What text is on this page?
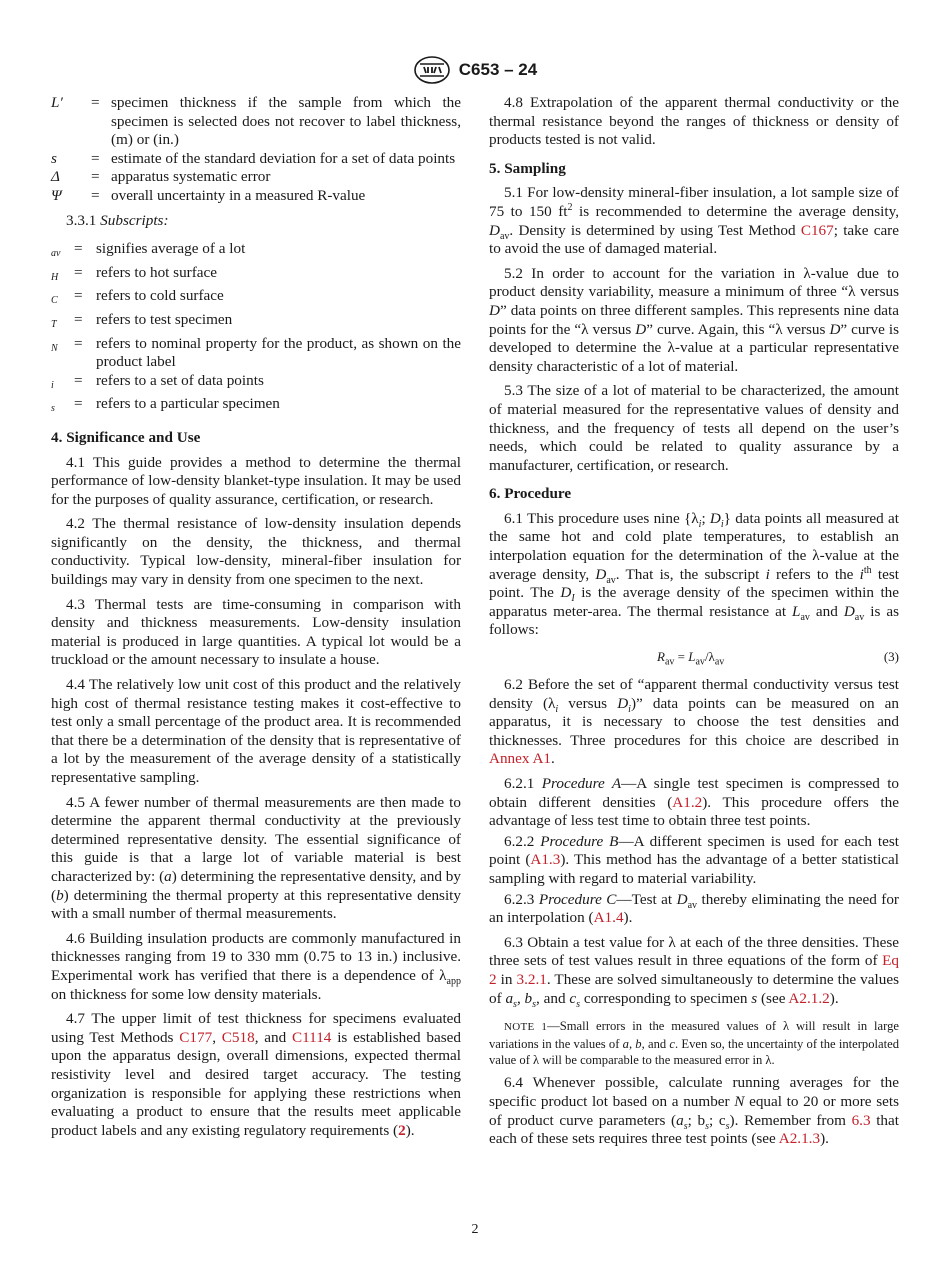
C653 – 24
L′	= specimen thickness if the sample from which the specimen is selected does not recover to label thickness, (m) or (in.)
s	= estimate of the standard deviation for a set of data points
Δ	= apparatus systematic error
Ψ	= overall uncertainty in a measured R-value

3.3.1 Subscripts:

av = signifies average of a lot
H	= refers to hot surface
C	= refers to cold surface
T	= refers to test specimen
N	= refers to nominal property for the product, as shown on the product label
i	= refers to a set of data points
s	= refers to a particular specimen
4. Significance and Use

4.1 This guide provides a method to determine the thermal performance of low-density blanket-type insulation. It may be used for the purposes of quality assurance, certification, or research.

4.2 The thermal resistance of low-density insulation depends significantly on the density, the thickness, and thermal conductivity. Typical low-density, mineral-fiber insulation for buildings may vary in density from one specimen to the next.

4.3 Thermal tests are time-consuming in comparison with density and thickness measurements. Low-density insulation material is produced in large quantities. A typical lot would be a truckload or the amount necessary to insulate a house.

4.4 The relatively low unit cost of this product and the relatively high cost of thermal resistance testing makes it cost-effective to test only a small percentage of the product area. It is recommended that there be a determination of the density that is representative of a lot by the measurement of the average density of a statistically representative sampling.

4.5 A fewer number of thermal measurements are then made to determine the apparent thermal conductivity at the previously determined representative density. The essential significance of this guide is that a large lot of variable material is best characterized by: (a) determining the representative density, and by (b) determining the thermal property at this representative density with a small number of thermal measurements.

4.6 Building insulation products are commonly manufactured in thicknesses ranging from 19 to 330 mm (0.75 to 13 in.) inclusive. Experimental work has verified that there is a dependence of $\lambda_{app}$ on thickness for some low density materials.

4.7 The upper limit of test thickness for specimens evaluated using Test Methods C177, C518, and C1114 is established based upon the apparatus design, overall dimensions, expected thermal resistivity level and desired target accuracy. The testing organization is responsible for applying these restrictions when evaluating a product to ensure that the results meet applicable product labels and any existing regulatory requirements (2).

4.8 Extrapolation of the apparent thermal conductivity or the thermal resistance beyond the ranges of thickness or density of products tested is not valid.

5. Sampling

5.1 For low-density mineral-fiber insulation, a lot sample size of 75 to 150 $ft^2$ is recommended to determine the average density, $D_{av}$. Density is determined by using Test Method C167; take care to avoid the use of damaged material.

5.2 In order to account for the variation in λ-value due to product density variability, measure a minimum of three “λ versus D” data points on three different samples. This represents nine data points for the “λ versus D” curve. Again, this “λ versus D” curve is developed to determine the λ-value at a particular representative density characteristic of a lot of material.

5.3 The size of a lot of material to be characterized, the amount of material measured for the representative values of density and thickness, and the frequency of tests all depend on the user’s needs, which could be related to quality assurance by a manufacturer, certification, or research.

6. Procedure

6.1 This procedure uses nine {$\lambda_i$; $D_i$} data points all measured at the same hot and cold plate temperatures, to establish an interpolation equation for the determination of the λ-value at the average density, $D_{av}$. That is, the subscript i refers to the $i^{th}$ test point. The $D_I$ is the average density of the specimen within the apparatus meter-area. The thermal resistance at $L_{av}$ and $D_{av}$ is as follows:

$R_{av} = L_{av}/\lambda_{av}$	(3)

6.2 Before the set of “apparent thermal conductivity versus test density ($\lambda_i$ versus $D_i$)” data points can be measured on an apparatus, it is necessary to choose the test densities and thicknesses. Three procedures for this choice are described in Annex A1.

6.2.1 Procedure A—A single test specimen is compressed to obtain different densities (A1.2). This procedure offers the advantage of less test time to obtain three test points.

6.2.2 Procedure B—A different specimen is used for each test point (A1.3). This method has the advantage of a better statistical sampling with regard to material variability.

6.2.3 Procedure C—Test at $D_{av}$ thereby eliminating the need for an interpolation (A1.4).

6.3 Obtain a test value for λ at each of the three densities. These three sets of test values result in three equations of the form of Eq 2 in 3.2.1. These are solved simultaneously to determine the values of $a_s$, $b_s$, and $c_s$ corresponding to specimen s (see A2.1.2).

NOTE 1—Small errors in the measured values of λ will result in large variations in the values of a, b, and c. Even so, the uncertainty of the interpolated value of λ will be comparable to the measured error in λ.

6.4 Whenever possible, calculate running averages for the specific product lot based on a number N equal to 20 or more sets of product curve parameters ($a_s$; $b_s$; $c_s$). Remember from 6.3 that each of these sets requires three test points (see A2.1.3).

2
